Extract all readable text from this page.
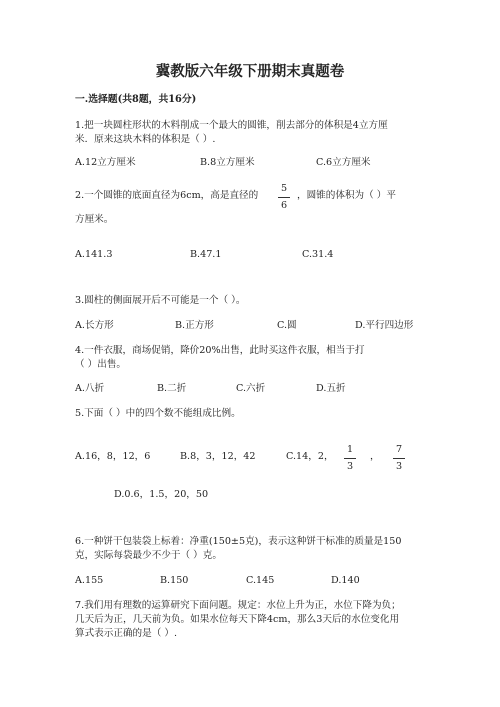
冀教版六年级下册期末真题卷
一.选择题(共8题，共16分)
1.把一块圆柱形状的木料削成一个最大的圆锥，削去部分的体积是4立方厘
米．原来这块木料的体积是（ ）.
A.12立方厘米	B.8立方厘米	C.6立方厘米
2.一个圆锥的底面直径为6cm，高是直径的
5
6
，圆锥的体积为（ ）平
方厘米。
A.141.3	B.47.1	C.31.4
3.圆柱的侧面展开后不可能是一个（ ）。
A.长方形	B.正方形	C.圆	D.平行四边形
4.一件衣服，商场促销，降价20%出售，此时买这件衣服，相当于打
（ ）出售。
A.八折	B.二折	C.六折	D.五折
5.下面（ ）中的四个数不能组成比例。
A.16，8，12，6	B.8，3，12，42	C.14，2，
1
3
，
7
3
D.0.6，1.5，20，50
6.一种饼干包装袋上标着：净重(150±5克)，表示这种饼干标准的质量是150
克，实际每袋最少不少于（ ）克。
A.155	B.150	C.145	D.140
7.我们用有理数的运算研究下面问题。规定：水位上升为正，水位下降为负；
几天后为正，几天前为负。如果水位每天下降4cm，那么3天后的水位变化用
算式表示正确的是（ ）.
